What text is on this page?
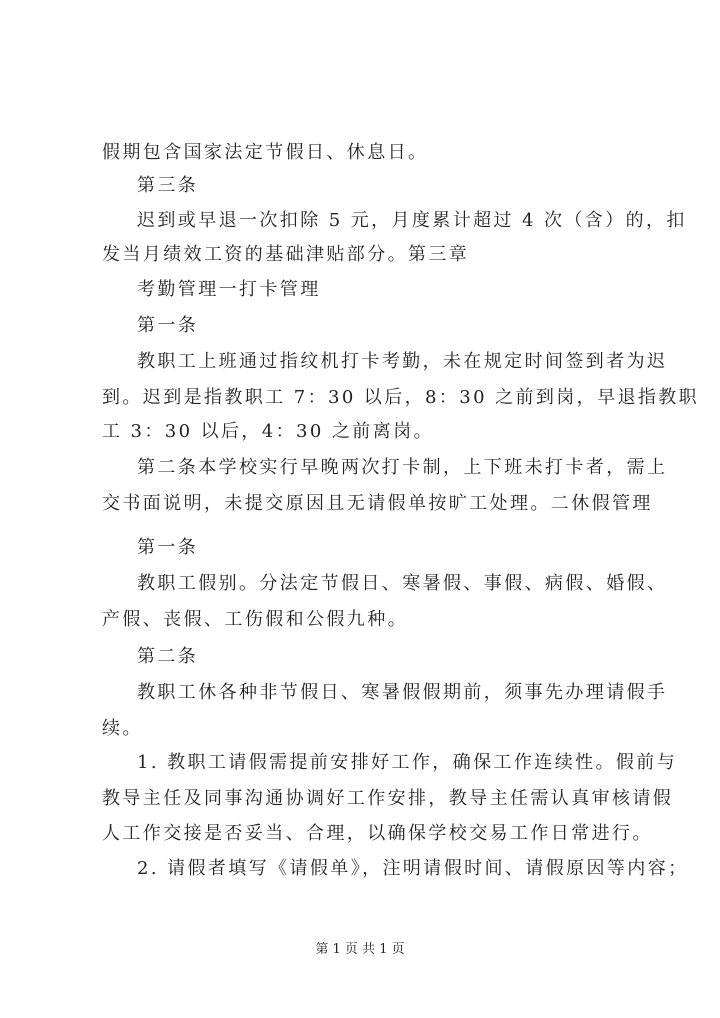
假期包含国家法定节假日、休息日。
第三条
迟到或早退一次扣除 5 元，月度累计超过 4 次（含）的，扣
发当月绩效工资的基础津贴部分。第三章
考勤管理一打卡管理
第一条
教职工上班通过指纹机打卡考勤，未在规定时间签到者为迟
到。迟到是指教职工 7：30 以后，8：30 之前到岗，早退指教职
工 3：30 以后，4：30 之前离岗。
第二条本学校实行早晚两次打卡制，上下班未打卡者，需上
交书面说明，未提交原因且无请假单按旷工处理。二休假管理
第一条
教职工假别。分法定节假日、寒暑假、事假、病假、婚假、
产假、丧假、工伤假和公假九种。
第二条
教职工休各种非节假日、寒暑假假期前，须事先办理请假手
续。
1. 教职工请假需提前安排好工作，确保工作连续性。假前与
教导主任及同事沟通协调好工作安排，教导主任需认真审核请假
人工作交接是否妥当、合理，以确保学校交易工作日常进行。
2. 请假者填写《请假单》，注明请假时间、请假原因等内容；
第 1 页 共 1 页
